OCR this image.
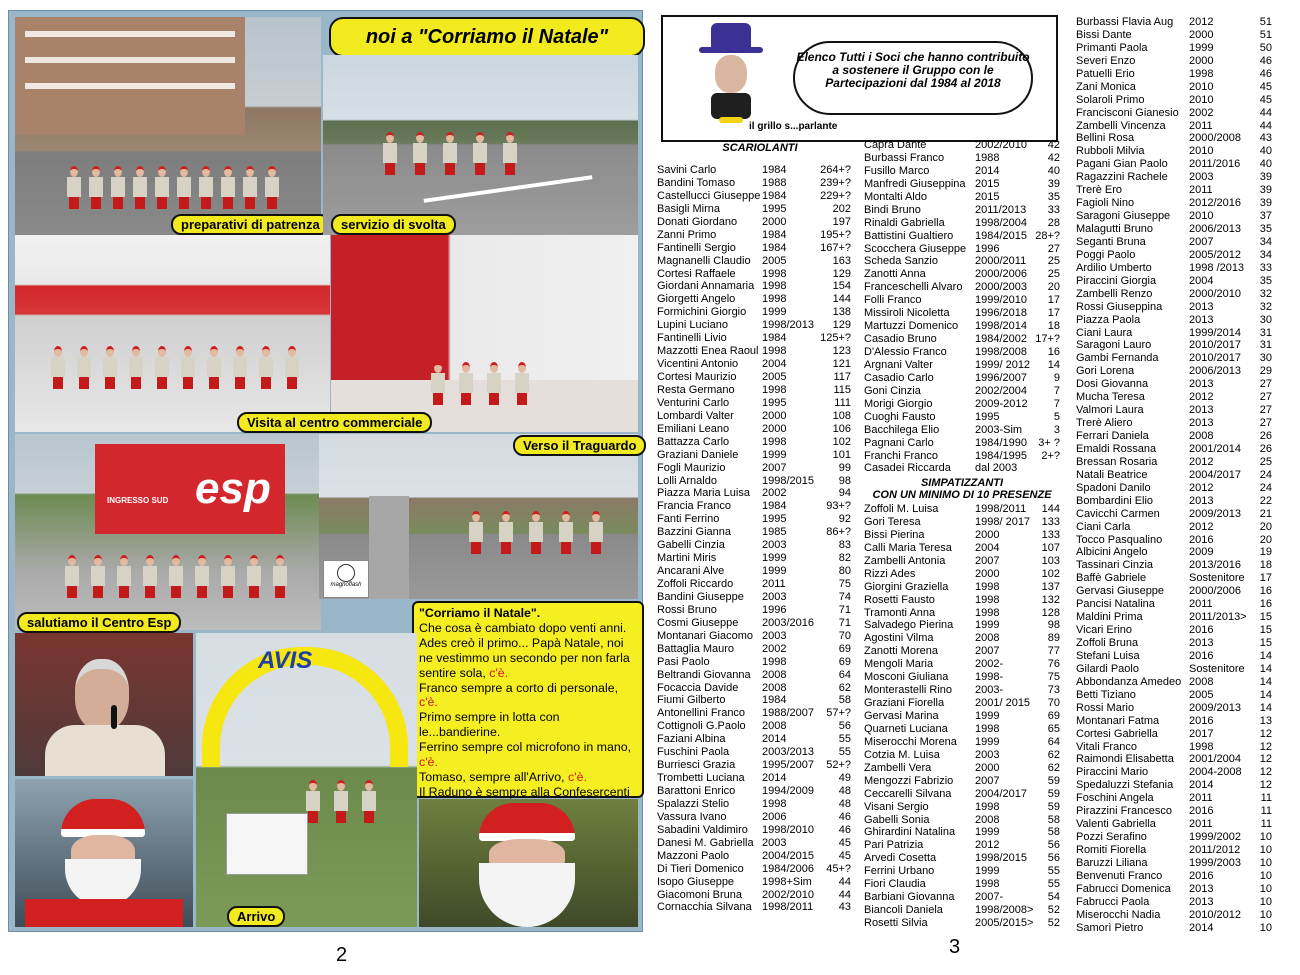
preparativi di patrenza
noi a "Corriamo il Natale"
servizio di svolta
Visita al centro commerciale
INGRESSO SUD esp
salutiamo il Centro Esp
magnoflash
Verso il Traguardo
"Corriamo il Natale".
Che cosa è cambiato dopo venti anni.
Ades creò il primo... Papà Natale, noi ne vestimmo un secondo per non farla sentire sola, c'è.
Franco sempre a corto di personale, c'è.
Primo sempre in lotta con le...bandierine.
Ferrino sempre col microfono in mano, c'è.
Tomaso, sempre all'Arrivo, c'è.
Il Raduno è sempre alla Confesercenti
AVIS
Arrivo
2
Elenco Tutti i Soci che hanno contribuito a sostenere il Gruppo con le Partecipazioni dal 1984 al 2018
il grillo s...parlante
SCARIOLANTI
Savini Carlo	1984	264+?
Bandini Tomaso 1988	239+?
Castellucci Giuseppe 1984	229+?
Basigli Mirna	1995	202
Donati Giordano 2000	197
Zanni Primo	1984	195+?
Fantinelli Sergio 1984	167+?
Magnanelli Claudio 2005	163
Cortesi Raffaele 1998	129
Giordani Annamaria 1998	154
Giorgetti Angelo 1998	144
Formichini Giorgio 1999	138
Lupini Luciano	1998/2013 129
Fantinelli Livio	1984	125+?
Mazzotti Enea Raoul 1998	123
Vicentini Antonio 2004	121
Cortesi Maurizio 2005	117
Resta Germano 1998	115
Venturini Carlo	1995	111
Lombardi Valter	2000	108
Emiliani Leano	2000	106
Battazza Carlo	1998	102
Graziani Daniele 1999	101
Fogli Maurizio	2007	99
Lolli Arnaldo	1998/2015 98
Piazza Maria Luisa 2002	94
Francia Franco	1984	93+?
Fanti Ferrino	1995	92
Bazzini Gianna	1985	86+?
Gabelli Cinzia	2003	83
Martini Miris	1999	82
Ancarani Alve	1999	80
Zoffoli Riccardo	2011	75
Bandini Giuseppe 2003	74
Rossi Bruno	1996	71
Cosmi Giuseppe 2003/2016 71
Montanari Giacomo 2003	70
Battaglia Mauro	2002	69
Pasi Paolo	1998	69
Beltrandi Giovanna 2008	64
Focaccia Davide 2008	62
Fiumi Gilberto	1984	58
Antonellini Franco 1988/2007 57+?
Cottignoli G.Paolo 2008	56
Faziani Albina	2014	55
Fuschini Paola	2003/2013 55
Burriesci Grazia 1995/2007 52+?
Trombetti Luciana 2014	49
Barattoni Enrico 1994/2009 48
Spalazzi Stelio	1998	48
Vassura Ivano	2006	46
Sabadini Valdimiro 1998/2010 46
Danesi M. Gabriella 2003	45
Mazzoni Paolo	2004/2015 45
Di Tieri Domenico 1984/2006 45+?
Isopo Giuseppe	1998+Sim 44
Giacomoni Bruna 2002/2010 44
Cornacchia Silvana 1998/2011 43
Capra Dante	2002/2010 42
Burbassi Franco	1988	42
Fusillo Marco	2014	40
Manfredi Giuseppina 2015	39
Montalti Aldo	2015	35
Bindi Bruno	2011/2013 33
Rinaldi Gabriella	1998/2004 28
Battistini Gualtiero 1984/2015 28+?
Scocchera Giuseppe 1996	27
Scheda Sanzio	2000/2011 25
Zanotti Anna	2000/2006 25
Franceschelli Alvaro 2000/2003 20
Folli Franco	1999/2010 17
Missiroli Nicoletta 1996/2018 17
Martuzzi Domenico 1998/2014 18
Casadio Bruno	1984/2002 17+?
D'Alessio Franco	1998/2008 16
Argnani Valter	1999/ 2012 14
Casadio Carlo	1996/2007 9
Goni Cinzia	2002/2004 7
Morigi Giorgio	2009-2012 7
Cuoghi Fausto	1995	5
Bacchilega Elio	2003-Sim	3
Pagnani Carlo	1984/1990 3+ ?
Franchi Franco	1984/1995 2+?
Casadei Riccarda dal 2003
SIMPATIZZANTI
CON UN MINIMO DI 10 PRESENZE
Zoffoli M. Luisa	1998/2011 144
Gori Teresa	1998/ 2017 133
Bissi Pierina	2000	133
Calli Maria Teresa 2004	107
Zambelli Antonia	2007	103
Rizzi Ades	2000	102
Giorgini Graziella 1998	137
Rosetti Fausto	1998	132
Tramonti Anna	1998	128
Salvadego Pierina 1999	98
Agostini Vilma	2008	89
Zanotti Morena	2007	77
Mengoli Maria	2002-	76
Mosconi Giuliana 1998-	75
Monterastelli Rino 2003-	73
Graziani Fiorella	2001/ 2015 70
Gervasi Marina	1999	69
Quarneti Luciana 1998	65
Miserocchi Morena 1999	64
Cotzia M. Luisa	2003	62
Zambelli Vera	2000	62
Mengozzi Fabrizio 2007	59
Ceccarelli Silvana 2004/2017 59
Visani Sergio	1998	59
Gabelli Sonia	2008	58
Ghirardini Natalina 1999	58
Pari Patrizia	2012	56
Arvedi Cosetta	1998/2015 56
Ferrini Urbano	1999	55
Fiori Claudia	1998	55
Barbiani Giovanna 2007-	54
Biancoli Daniela	1998/2008> 52
Rosetti Silvia	2005/2015> 52
Burbassi Flavia Aug 2012	51
Bissi Dante	2000	51
Primanti Paola	1999	50
Severi Enzo	2000	46
Patuelli Erio	1998	46
Zani Monica	2010	45
Solaroli Primo	2010	45
Francisconi Gianesio 2002	44
Zambelli Vincenza 2011	44
Bellini Rosa	2000/2008 43
Rubboli Milvia	2010	40
Pagani Gian Paolo 2011/2016 40
Ragazzini Rachele 2003	39
Trerè Ero	2011	39
Fagioli Nino	2012/2016 39
Saragoni Giuseppe 2010	37
Malagutti Bruno	2006/2013 35
Seganti Bruna	2007	34
Poggi Paolo	2005/2012 34
Ardilio Umberto	1998 /2013 33
Piraccini Giorgia	2004	35
Zambelli Renzo	2000/2010 32
Rossi Giuseppina 2013	32
Piazza Paola	2013	30
Ciani Laura	1999/2014 31
Saragoni Lauro	2010/2017 31
Gambi Fernanda	2010/2017 30
Gori Lorena	2006/2013 29
Dosi Giovanna	2013	27
Mucha Teresa	2012	27
Valmori Laura	2013	27
Trerè Aliero	2013	27
Ferrari Daniela	2008	26
Emaldi Rossana	2001/2014 26
Bressan Rosaria	2012	25
Natali Beatrice	2004/2017 24
Spadoni Danilo	2012	24
Bombardini Elio	2013	22
Cavicchi Carmen	2009/2013 21
Ciani Carla	2012	20
Tocco Pasqualino 2016	20
Albicini Angelo	2009	19
Tassinari Cinzia	2013/2016 18
Baffè Gabriele	Sostenitore 17
Gervasi Giuseppe 2000/2006 16
Pancisi Natalina	2011	16
Maldini Prima	2011/2013> 15
Vicari Erino	2016	15
Zoffoli Bruna	2013	15
Stefani Luisa	2016	14
Gilardi Paolo	Sostenitore 14
Abbondanza Amedeo 2008	14
Betti Tiziano	2005	14
Rossi Mario	2009/2013 14
Montanari Fatma	2016	13
Cortesi Gabriella	2017	12
Vitali Franco	1998	12
Raimondi Elisabetta 2001/2004 12
Piraccini Mario	2004-2008 12
Spedaluzzi Stefania 2014	12
Foschini Angela	2011	11
Pirazzini Francesco 2016	11
Valenti Gabriella	2011	11
Pozzi Serafino	1999/2002 10
Romiti Fiorella	2011/2012 10
Baruzzi Liliana	1999/2003 10
Benvenuti Franco 2016	10
Fabrucci Domenica 2013	10
Fabrucci Paola	2013	10
Miserocchi Nadia	2010/2012 10
Samorì Pietro	2014	10
3
